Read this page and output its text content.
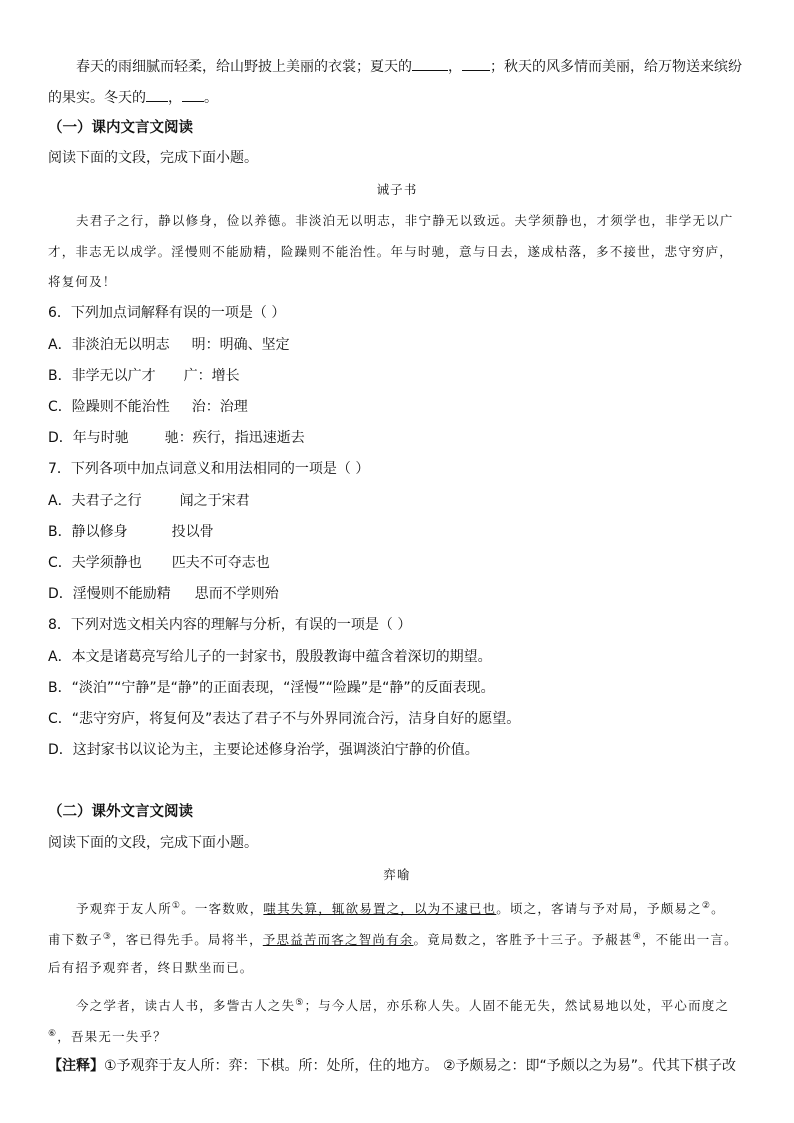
春天的雨细腻而轻柔，给山野披上美丽的衣裳；夏天的	， ；秋天的风多情而美丽，给万物送来缤纷
的果实。冬天的 ， 。
（一）课内文言文阅读
阅读下面的文段，完成下面小题。
诫子书
夫君子之行，静以修身，俭以养德。非淡泊无以明志，非宁静无以致远。夫学须静也，才须学也，非学无以广
才，非志无以成学。淫慢则不能励精，险躁则不能治性。年与时驰，意与日去，遂成枯落，多不接世，悲守穷庐，
将复何及！
6．下列加点词解释有误的一项是（ ）
A．非淡泊无以明志 明：明确、坚定
B．非学无以广才 广：增长
C．险躁则不能治性 治：治理
D．年与时驰	驰：疾行，指迅速逝去
7．下列各项中加点词意义和用法相同的一项是（ ）
A．夫君子之行	闻之于宋君
B．静以修身	投以骨
C．夫学须静也 匹夫不可夺志也
D．淫慢则不能励精 思而不学则殆
8．下列对选文相关内容的理解与分析，有误的一项是（ ）
A．本文是诸葛亮写给儿子的一封家书，殷殷教诲中蕴含着深切的期望。
B．“淡泊”“宁静”是“静”的正面表现，“淫慢”“险躁”是“静”的反面表现。
C．“悲守穷庐，将复何及”表达了君子不与外界同流合污，洁身自好的愿望。
D．这封家书以议论为主，主要论述修身治学，强调淡泊宁静的价值。
（二）课外文言文阅读
阅读下面的文段，完成下面小题。
弈喻
予观弈于友人所①。一客数败，嗤其失算，辄欲易置之，以为不逮已也。顷之，客请与予对局，予颇易之②。
甫下数子③，客已得先手。局将半，予思益苦而客之智尚有余。竟局数之，客胜予十三子。予赧甚④，不能出一言。
后有招予观弈者，终日默坐而已。
今之学者，读古人书，多訾古人之失⑤；与今人居，亦乐称人失。人固不能无失，然试易地以处，平心而度之
⑥，吾果无一失乎？
【注释】①予观弈于友人所：弈：下棋。所：处所，住的地方。 ②予颇易之：即“予颇以之为易”。代其下棋子改
